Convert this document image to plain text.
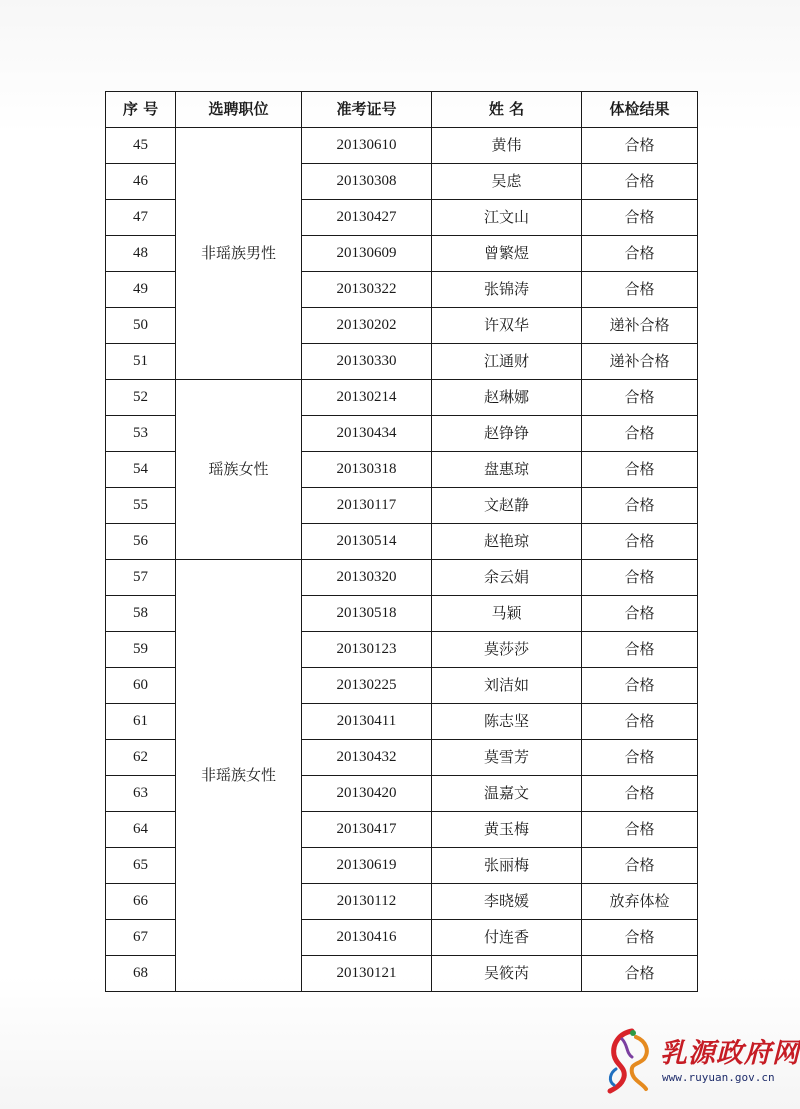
序 号	选聘职位	准考证号	姓 名	体检结果
45	非瑶族男性	20130610	黄伟	合格
46		20130308	吴虑	合格
47		20130427	江文山	合格
48		20130609	曾繁煜	合格
49		20130322	张锦涛	合格
50		20130202	许双华	递补合格
51		20130330	江通财	递补合格
52	瑶族女性	20130214	赵琳娜	合格
53		20130434	赵铮铮	合格
54		20130318	盘惠琼	合格
55		20130117	文赵静	合格
56		20130514	赵艳琼	合格
57	非瑶族女性	20130320	余云娟	合格
58		20130518	马颖	合格
59		20130123	莫莎莎	合格
60		20130225	刘洁如	合格
61		20130411	陈志坚	合格
62		20130432	莫雪芳	合格
63		20130420	温嘉文	合格
64		20130417	黄玉梅	合格
65		20130619	张丽梅	合格
66		20130112	李晓媛	放弃体检
67		20130416	付连香	合格
68		20130121	吴筱芮	合格
乳源政府网
www.ruyuan.gov.cn
